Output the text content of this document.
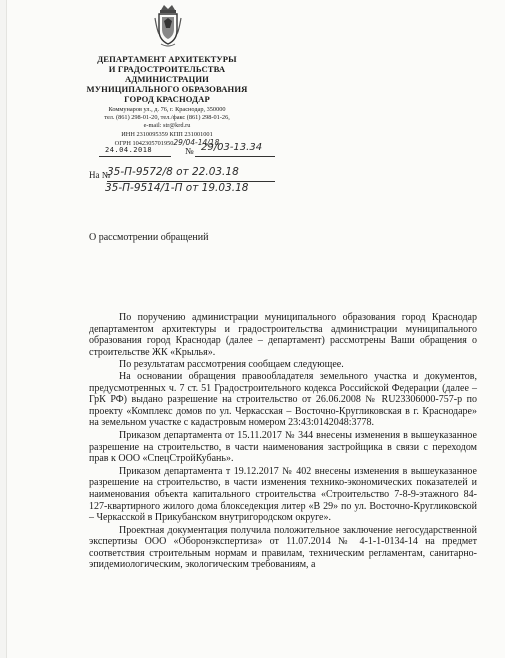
ДЕПАРТАМЕНТ АРХИТЕКТУРЫ
И ГРАДОСТРОИТЕЛЬСТВА
АДМИНИСТРАЦИИ
МУНИЦИПАЛЬНОГО ОБРАЗОВАНИЯ
ГОРОД КРАСНОДАР
Коммунаров ул., д. 76, г. Краснодар, 350000
тел. (861) 298-01-20, тел./факс (861) 298-01-26,
e-mail: str@krd.ru
ИНН 2310095359 КПП 231001001
ОГРН 104230570195029/04-14/18
24.04.2018	№ 29/03-13.34
На №
35-П-9572/8 от 22.03.18
35-П-9514/1-П от 19.03.18
О рассмотрении обращений

По поручению администрации муниципального образования город Краснодар департаментом архитектуры и градостроительства администрации муниципального образования город Краснодар (далее – департамент) рассмотрены Ваши обращения о строительстве ЖК «Крылья».

По результатам рассмотрения сообщаем следующее.

На основании обращения правообладателя земельного участка и документов, предусмотренных ч. 7 ст. 51 Градостроительного кодекса Российской Федерации (далее – ГрК РФ) выдано разрешение на строительство от 26.06.2008 № RU23306000-757-р по проекту «Комплекс домов по ул. Черкасская – Восточно-Кругликовская в г. Краснодаре» на земельном участке с кадастровым номером 23:43:0142048:3778.

Приказом департамента от 15.11.2017 № 344 внесены изменения в вышеуказанное разрешение на строительство, в части наименования застройщика в связи с переходом прав к ООО «СпецСтройКубань».

Приказом департамента т 19.12.2017 № 402 внесены изменения в вышеуказанное разрешение на строительство, в части изменения технико-экономических показателей и наименования объекта капитального строительства «Строительство 7-8-9-этажного 84-127-квартирного жилого дома блокседекция литер «В 29» по ул. Восточно-Кругликовской – Черкасской в Прикубанском внутригородском округе».

Проектная документация получила положительное заключение негосударственной экспертизы ООО «Оборонэкспертиза» от 11.07.2014 № 4-1-1-0134-14 на предмет соответствия строительным нормам и правилам, техническим регламентам, санитарно-эпидемиологическим, экологическим требованиям, а
